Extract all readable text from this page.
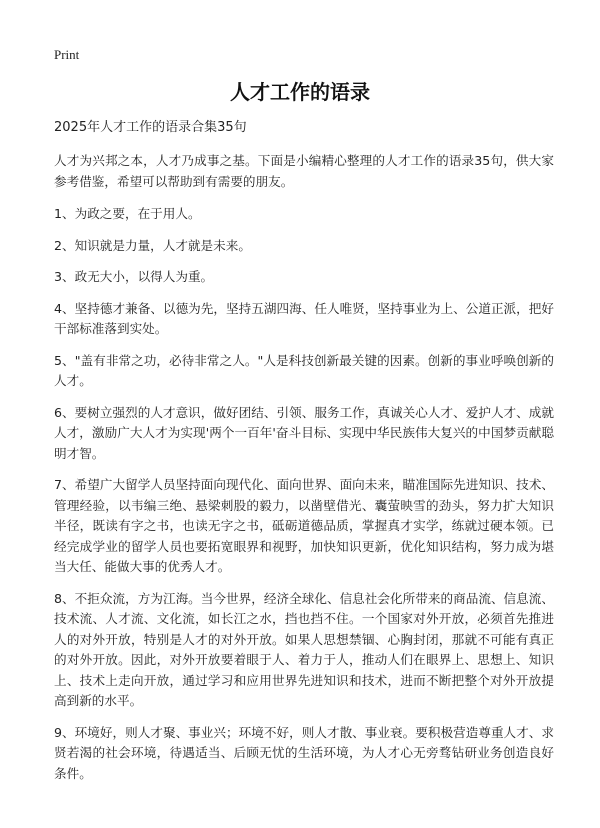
Print
人才工作的语录

2025年人才工作的语录合集35句

人才为兴邦之本，人才乃成事之基。下面是小编精心整理的人才工作的语录35句，供大家参考借鉴，希望可以帮助到有需要的朋友。

1、为政之要，在于用人。

2、知识就是力量，人才就是未来。

3、政无大小，以得人为重。

4、坚持德才兼备、以德为先，坚持五湖四海、任人唯贤，坚持事业为上、公道正派，把好干部标准落到实处。

5、"盖有非常之功，必待非常之人。"人是科技创新最关键的因素。创新的事业呼唤创新的人才。

6、要树立强烈的人才意识，做好团结、引领、服务工作，真诚关心人才、爱护人才、成就人才，激励广大人才为实现'两个一百年'奋斗目标、实现中华民族伟大复兴的中国梦贡献聪明才智。

7、希望广大留学人员坚持面向现代化、面向世界、面向未来，瞄准国际先进知识、技术、管理经验，以韦编三绝、悬梁刺股的毅力，以凿壁借光、囊萤映雪的劲头，努力扩大知识半径，既读有字之书，也读无字之书，砥砺道德品质，掌握真才实学，练就过硬本领。已经完成学业的留学人员也要拓宽眼界和视野，加快知识更新，优化知识结构，努力成为堪当大任、能做大事的优秀人才。

8、不拒众流，方为江海。当今世界，经济全球化、信息社会化所带来的商品流、信息流、技术流、人才流、文化流，如长江之水，挡也挡不住。一个国家对外开放，必须首先推进人的对外开放，特别是人才的对外开放。如果人思想禁锢、心胸封闭，那就不可能有真正的对外开放。因此，对外开放要着眼于人、着力于人，推动人们在眼界上、思想上、知识上、技术上走向开放，通过学习和应用世界先进知识和技术，进而不断把整个对外开放提高到新的水平。

9、环境好，则人才聚、事业兴；环境不好，则人才散、事业衰。要积极营造尊重人才、求贤若渴的社会环境，待遇适当、后顾无忧的生活环境，为人才心无旁骛钻研业务创造良好条件。
